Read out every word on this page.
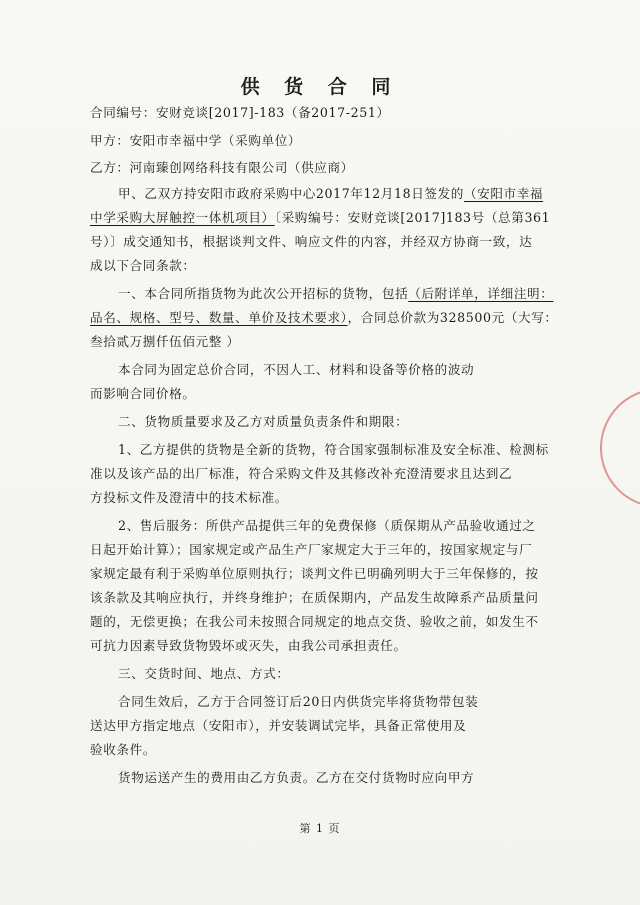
供 货 合 同
合同编号：安财竞谈[2017]-183（备2017-251）
甲方：安阳市幸福中学（采购单位）
乙方：河南臻创网络科技有限公司（供应商）
甲、乙双方持安阳市政府采购中心2017年12月18日签发的（安阳市幸福
中学采购大屏触控一体机项目）〔采购编号：安财竞谈[2017]183号（总第361
号）〕成交通知书，根据谈判文件、响应文件的内容，并经双方协商一致，达
成以下合同条款：
一、本合同所指货物为此次公开招标的货物，包括（后附详单，详细注明：
品名、规格、型号、数量、单价及技术要求），合同总价款为328500元（大写：
叁拾贰万捌仟伍佰元整 ）
本合同为固定总价合同，不因人工、材料和设备等价格的波动
而影响合同价格。
二、货物质量要求及乙方对质量负责条件和期限：
1、乙方提供的货物是全新的货物，符合国家强制标准及安全标准、检测标
准以及该产品的出厂标准，符合采购文件及其修改补充澄清要求且达到乙
方投标文件及澄清中的技术标准。
2、售后服务：所供产品提供三年的免费保修（质保期从产品验收通过之
日起开始计算）；国家规定或产品生产厂家规定大于三年的，按国家规定与厂
家规定最有利于采购单位原则执行；谈判文件已明确列明大于三年保修的，按
该条款及其响应执行，并终身维护；在质保期内，产品发生故障系产品质量问
题的，无偿更换；在我公司未按照合同规定的地点交货、验收之前，如发生不
可抗力因素导致货物毁坏或灭失，由我公司承担责任。
三、交货时间、地点、方式：
合同生效后，乙方于合同签订后20日内供货完毕将货物带包装
送达甲方指定地点（安阳市），并安装调试完毕，具备正常使用及
验收条件。
货物运送产生的费用由乙方负责。乙方在交付货物时应向甲方
第 1 页
